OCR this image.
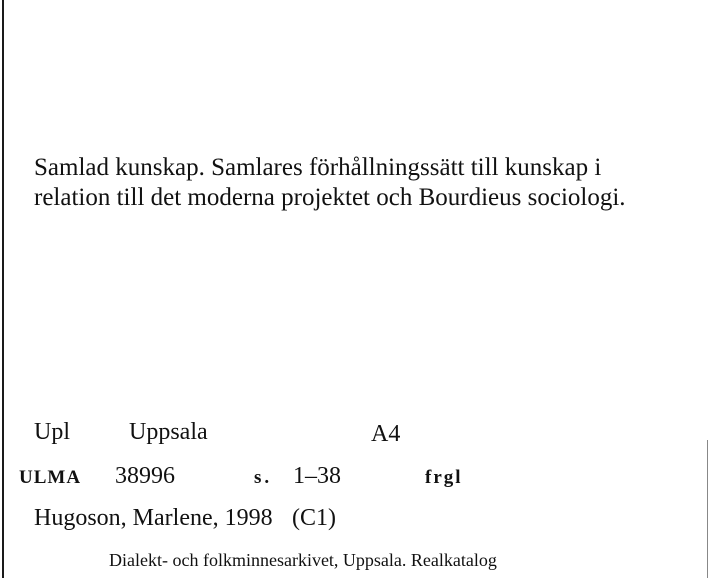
Samlad kunskap. Samlares förhållningssätt till kunskap i
relation till det moderna projektet och Bourdieus sociologi.
Upl Uppsala	A4
ULMA 38996	s. 1–38	frgl
Hugoson, Marlene, 1998 (C1)
Dialekt- och folkminnesarkivet, Uppsala. Realkatalog
